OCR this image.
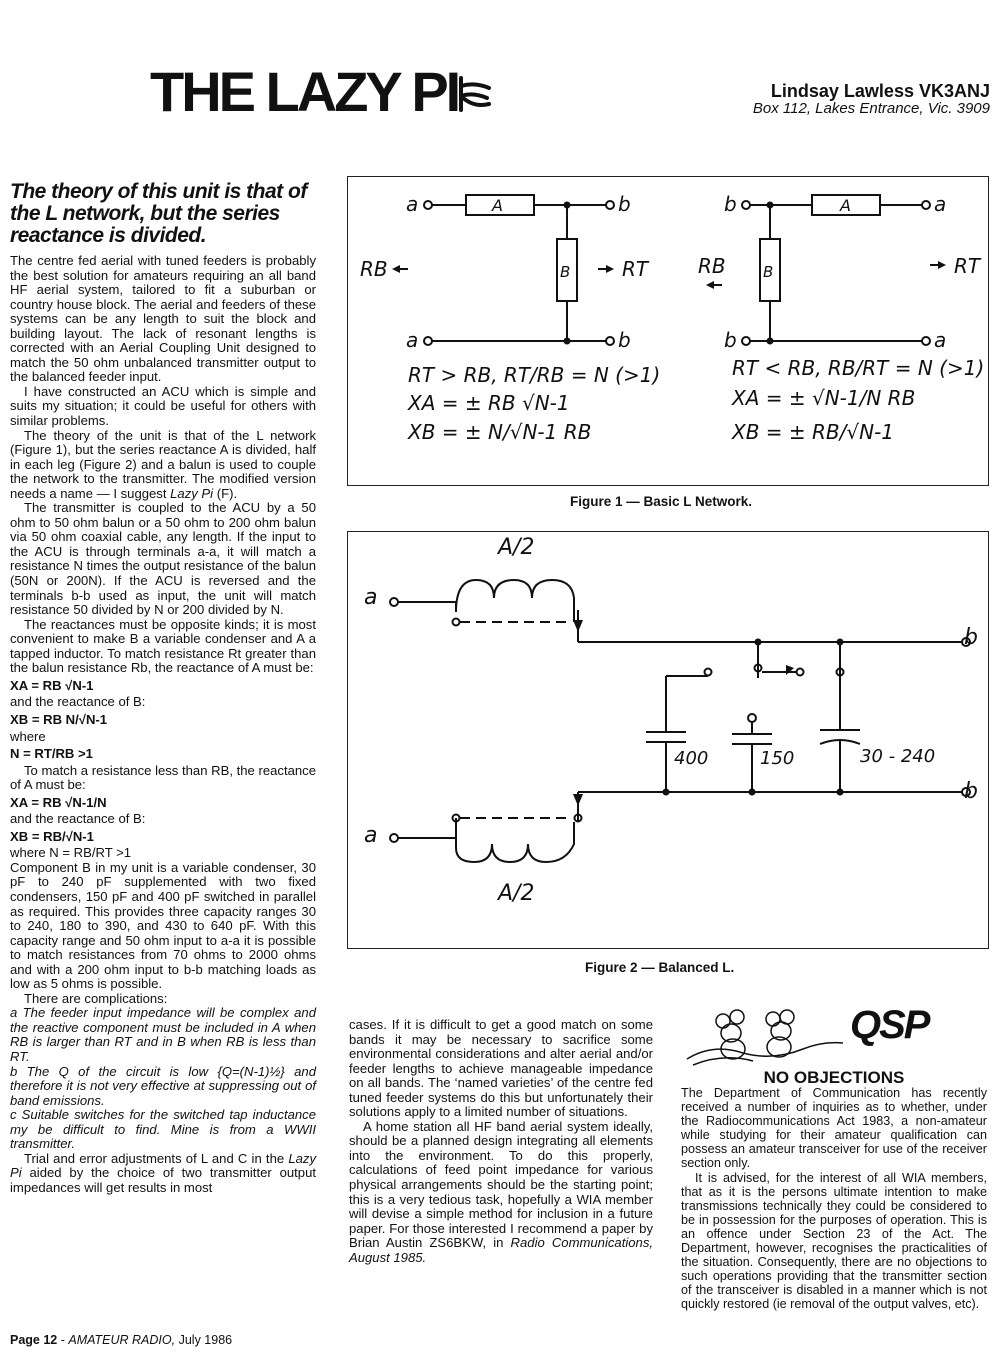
THE LAZY PI	Lindsay Lawless VK3ANJ
Box 112, Lakes Entrance, Vic. 3909
The theory of this unit is that of the L network, but the series reactance is divided.

The centre fed aerial with tuned feeders is probably the best solution for amateurs requiring an all band HF aerial system, tailored to fit a suburban or country house block. The aerial and feeders of these systems can be any length to suit the block and building layout. The lack of resonant lengths is corrected with an Aerial Coupling Unit designed to match the 50 ohm unbalanced transmitter output to the balanced feeder input.

I have constructed an ACU which is simple and suits my situation; it could be useful for others with similar problems.

The theory of the unit is that of the L network (Figure 1), but the series reactance A is divided, half in each leg (Figure 2) and a balun is used to couple the network to the transmitter. The modified version needs a name — I suggest Lazy Pi (F).

The transmitter is coupled to the ACU by a 50 ohm to 50 ohm balun or a 50 ohm to 200 ohm balun via 50 ohm coaxial cable, any length. If the input to the ACU is through terminals a-a, it will match a resistance N times the output resistance of the balun (50N or 200N). If the ACU is reversed and the terminals b-b used as input, the unit will match resistance 50 divided by N or 200 divided by N.

The reactances must be opposite kinds; it is most convenient to make B a variable condenser and A a tapped inductor. To match resistance Rt greater than the balun resistance Rb, the reactance of A must be:

XA = RB √N-1

and the reactance of B:

XB = RB N/√N-1

where

N = RT/RB >1

To match a resistance less than RB, the reactance of A must be:

XA = RB √N-1/N

and the reactance of B:

XB = RB/√N-1

where N = RB/RT >1

Component B in my unit is a variable condenser, 30 pF to 240 pF supplemented with two fixed condensers, 150 pF and 400 pF switched in parallel as required. This provides three capacity ranges 30 to 240, 180 to 390, and 430 to 640 pF. With this capacity range and 50 ohm input to a-a it is possible to match resistances from 70 ohms to 2000 ohms and with a 200 ohm input to b-b matching loads as low as 5 ohms is possible.

There are complications:

a The feeder input impedance will be complex and the reactive component must be included in A when RB is larger than RT and in B when RB is less than RT.

b The Q of the circuit is low {Q=(N-1)½} and therefore it is not very effective at suppressing out of band emissions.

c Suitable switches for the switched tap inductance my be difficult to find. Mine is from a WWII transmitter.

Trial and error adjustments of L and C in the Lazy Pi aided by the choice of two transmitter output impedances will get results in most

a	b
a	b
A
B
RB	RT
RT > RB, RT/RB = N (>1)
XA = ± RB √N-1
XB = ± N/√N-1 RB
b	a
b	a
A
B
RB	RT
RT < RB, RB/RT = N (>1)
XA = ± √N-1/N RB
XB = ± RB/√N-1
Figure 1 — Basic L Network.
A/2
A/2
a
a
b
b
400	150	30 - 240
Figure 2 — Balanced L.

cases. If it is difficult to get a good match on some bands it may be necessary to sacrifice some environmental considerations and alter aerial and/or feeder lengths to achieve manageable impedance on all bands. The ‘named varieties’ of the centre fed tuned feeder systems do this but unfortunately their solutions apply to a limited number of situations.

A home station all HF band aerial system ideally, should be a planned design integrating all elements into the environment. To do this properly, calculations of feed point impedance for various physical arrangements should be the starting point; this is a very tedious task, hopefully a WIA member will devise a simple method for inclusion in a future paper. For those interested I recommend a paper by Brian Austin ZS6BKW, in Radio Communications, August 1985.

QSP
NO OBJECTIONS

The Department of Communication has recently received a number of inquiries as to whether, under the Radiocommunications Act 1983, a non-amateur while studying for their amateur qualification can possess an amateur transceiver for use of the receiver section only.

It is advised, for the interest of all WIA members, that as it is the persons ultimate intention to make transmissions technically they could be considered to be in possession for the purposes of operation. This is an offence under Section 23 of the Act. The Department, however, recognises the practicalities of the situation. Consequently, there are no objections to such operations providing that the transmitter section of the transceiver is disabled in a manner which is not quickly restored (ie removal of the output valves, etc).

Page 12 - AMATEUR RADIO, July 1986
